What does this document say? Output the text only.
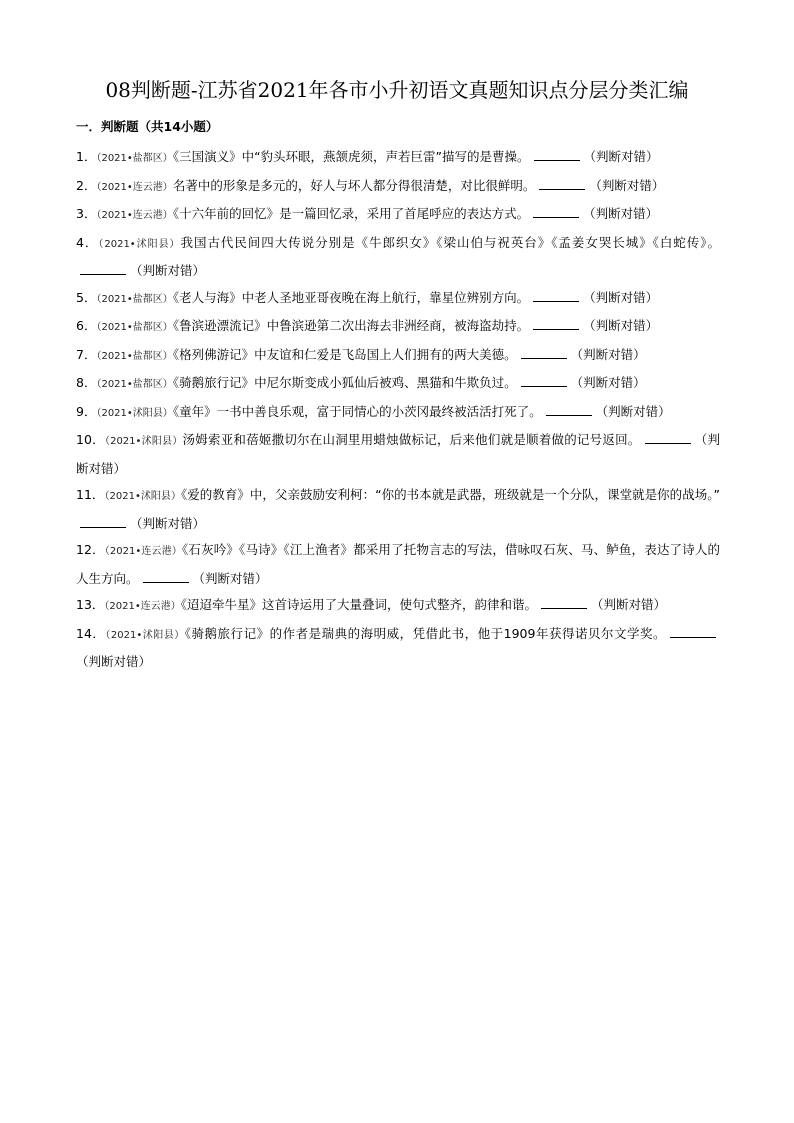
08判断题-江苏省2021年各市小升初语文真题知识点分层分类汇编
一．判断题（共14小题）
1．（2021•盐都区）《三国演义》中“豹头环眼，燕颔虎须，声若巨雷”描写的是曹操。	（判断对错）
2．（2021•连云港）名著中的形象是多元的，好人与坏人都分得很清楚，对比很鲜明。	（判断对错）
3．（2021•连云港）《十六年前的回忆》是一篇回忆录，采用了首尾呼应的表达方式。	（判断对错）
4．（2021•沭阳县）我国古代民间四大传说分别是《牛郎织女》《梁山伯与祝英台》《孟姜女哭长城》《白蛇传》。（判断对错）
5．（2021•盐都区）《老人与海》中老人圣地亚哥夜晚在海上航行，靠星位辨别方向。	（判断对错）
6．（2021•盐都区）《鲁滨逊漂流记》中鲁滨逊第二次出海去非洲经商，被海盗劫持。	（判断对错）
7．（2021•盐都区）《格列佛游记》中友谊和仁爱是飞岛国上人们拥有的两大美德。	（判断对错）
8．（2021•盐都区）《骑鹅旅行记》中尼尔斯变成小狐仙后被鸡、黑猫和牛欺负过。	（判断对错）
9．（2021•沭阳县）《童年》一书中善良乐观，富于同情心的小茨冈最终被活活打死了。	（判断对错）
10．（2021•沭阳县）汤姆索亚和蓓姬撒切尔在山洞里用蜡烛做标记，后来他们就是顺着做的记号返回。	（判断对错）
11．（2021•沭阳县）《爱的教育》中，父亲鼓励安利柯：“你的书本就是武器，班级就是一个分队，课堂就是你的战场。”（判断对错）
12．（2021•连云港）《石灰吟》《马诗》《江上渔者》都采用了托物言志的写法，借咏叹石灰、马、鲈鱼，表达了诗人的人生方向。	（判断对错）
13．（2021•连云港）《迢迢牵牛星》这首诗运用了大量叠词，使句式整齐，韵律和谐。	（判断对错）
14．（2021•沭阳县）《骑鹅旅行记》的作者是瑞典的海明威，凭借此书，他于1909年获得诺贝尔文学奖。（判断对错）
